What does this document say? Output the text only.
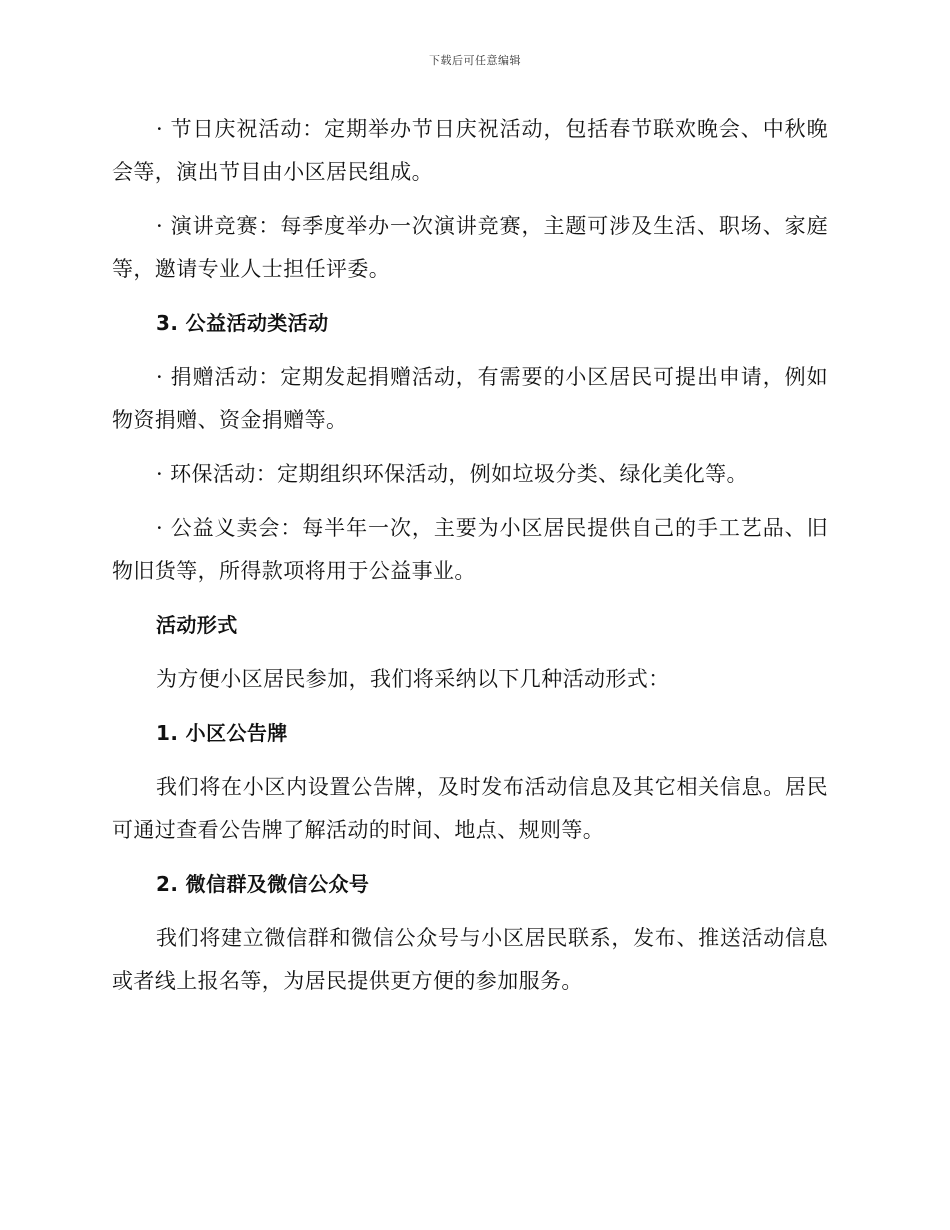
下载后可任意编辑

· 节日庆祝活动：定期举办节日庆祝活动，包括春节联欢晚会、中秋晚会等，演出节目由小区居民组成。

· 演讲竞赛：每季度举办一次演讲竞赛，主题可涉及生活、职场、家庭等，邀请专业人士担任评委。

3. 公益活动类活动

· 捐赠活动：定期发起捐赠活动，有需要的小区居民可提出申请，例如物资捐赠、资金捐赠等。

· 环保活动：定期组织环保活动，例如垃圾分类、绿化美化等。

· 公益义卖会：每半年一次，主要为小区居民提供自己的手工艺品、旧物旧货等，所得款项将用于公益事业。

活动形式

为方便小区居民参加，我们将采纳以下几种活动形式：

1. 小区公告牌

我们将在小区内设置公告牌，及时发布活动信息及其它相关信息。居民可通过查看公告牌了解活动的时间、地点、规则等。

2. 微信群及微信公众号

我们将建立微信群和微信公众号与小区居民联系，发布、推送活动信息或者线上报名等，为居民提供更方便的参加服务。
